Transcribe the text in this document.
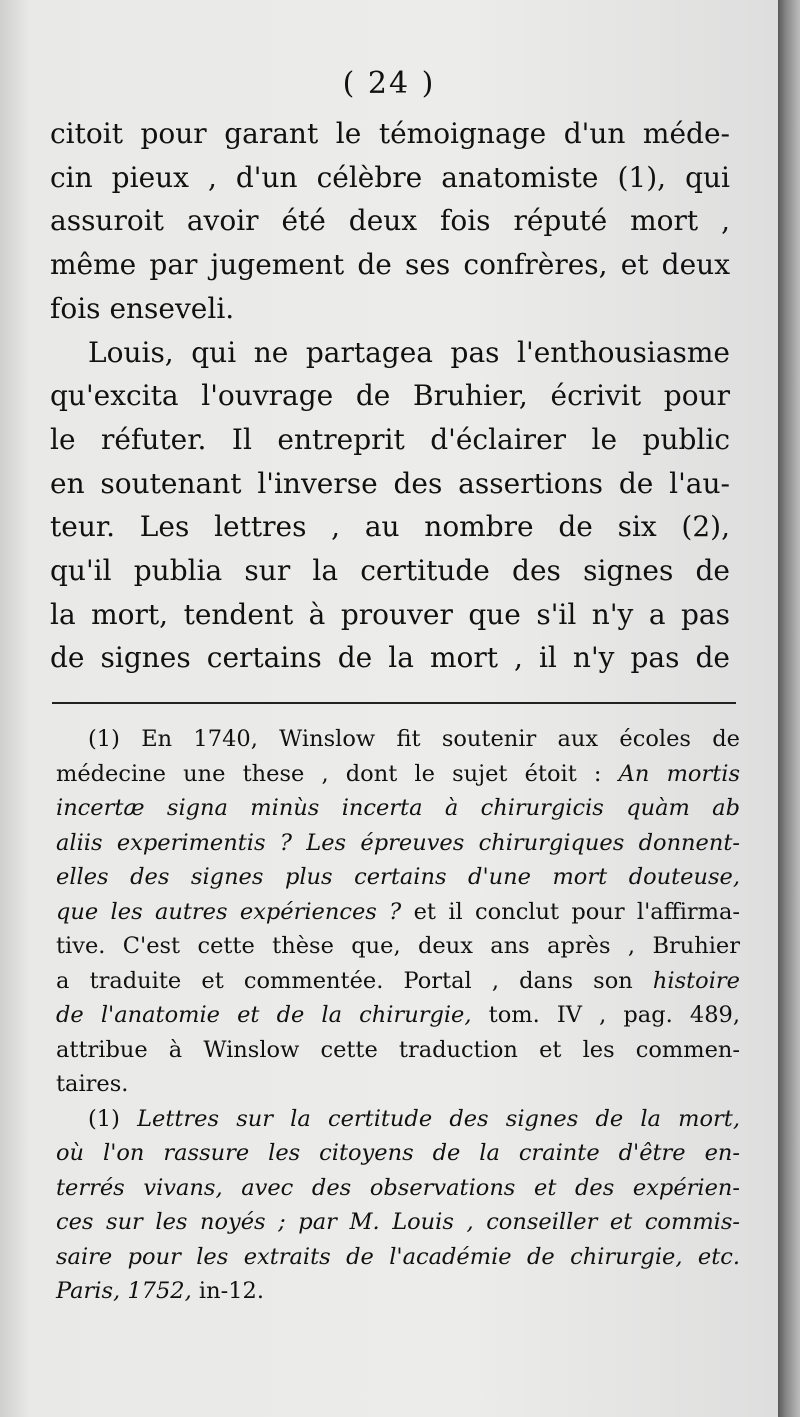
( 24 )
citoit pour garant le témoignage d'un méde-
cin pieux , d'un célèbre anatomiste (1), qui
assuroit avoir été deux fois réputé mort ,
même par jugement de ses confrères, et deux
fois enseveli.
Louis, qui ne partagea pas l'enthousiasme
qu'excita l'ouvrage de Bruhier, écrivit pour
le réfuter. Il entreprit d'éclairer le public
en soutenant l'inverse des assertions de l'au-
teur. Les lettres , au nombre de six (2),
qu'il publia sur la certitude des signes de
la mort, tendent à prouver que s'il n'y a pas
de signes certains de la mort , il n'y pas de
(1) En 1740, Winslow fit soutenir aux écoles de
médecine une these , dont le sujet étoit : An mortis
incertæ signa minùs incerta à chirurgicis quàm ab
aliis experimentis ? Les épreuves chirurgiques donnent-
elles des signes plus certains d'une mort douteuse,
que les autres expériences ? et il conclut pour l'affirma-
tive. C'est cette thèse que, deux ans après , Bruhier
a traduite et commentée. Portal , dans son histoire
de l'anatomie et de la chirurgie, tom. IV , pag. 489,
attribue à Winslow cette traduction et les commen-
taires.
(1) Lettres sur la certitude des signes de la mort,
où l'on rassure les citoyens de la crainte d'être en-
terrés vivans, avec des observations et des expérien-
ces sur les noyés ; par M. Louis , conseiller et commis-
saire pour les extraits de l'académie de chirurgie, etc.
Paris, 1752, in-12.
